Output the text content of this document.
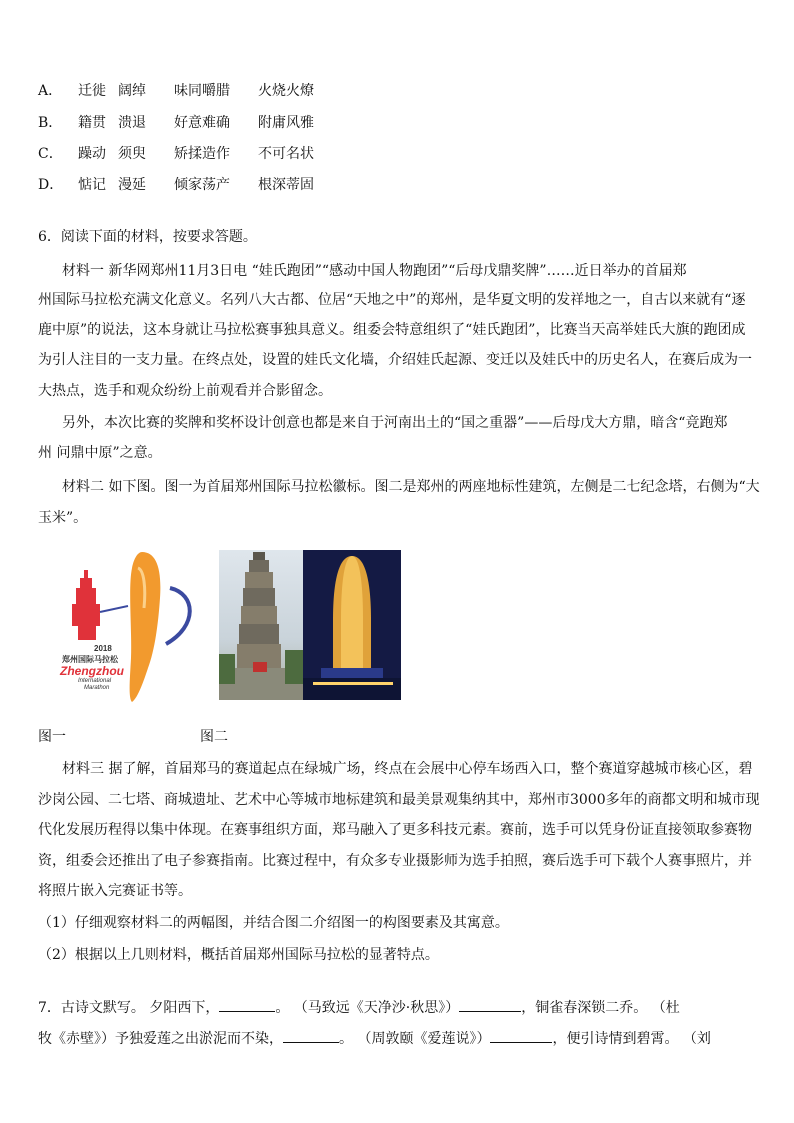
A． 迁徙 阔绰 味同嚼腊 火烧火燎
B． 籍贯 溃退 好意难确 附庸风雅
C． 躁动 须臾 矫揉造作 不可名状
D． 惦记 漫延 倾家荡产 根深蒂固
6．阅读下面的材料，按要求答题。
材料一 新华网郑州11月3日电 “娃氏跑团”“感动中国人物跑团”“后母戊鼎奖牌”……近日举办的首届郑
州国际马拉松充满文化意义。名列八大古都、位居“天地之中”的郑州，是华夏文明的发祥地之一，自古以来就有“逐
鹿中原”的说法，这本身就让马拉松赛事独具意义。组委会特意组织了“娃氏跑团”，比赛当天高举娃氏大旗的跑团成
为引人注目的一支力量。在终点处，设置的娃氏文化墙，介绍娃氏起源、变迁以及娃氏中的历史名人，在赛后成为一
大热点，选手和观众纷纷上前观看并合影留念。
另外，本次比赛的奖牌和奖杯设计创意也都是来自于河南出土的“国之重器”——后母戊大方鼎，暗含“竞跑郑
州 问鼎中原”之意。
材料二 如下图。图一为首届郑州国际马拉松徽标。图二是郑州的两座地标性建筑，左侧是二七纪念塔，右侧为“大
玉米”。
2018
郑州国际马拉松
Zhengzhou
International
Marathon
图一	图二
材料三 据了解，首届郑马的赛道起点在绿城广场，终点在会展中心停车场西入口，整个赛道穿越城市核心区，碧
沙岗公园、二七塔、商城遗址、艺术中心等城市地标建筑和最美景观集纳其中，郑州市3000多年的商都文明和城市现
代化发展历程得以集中体现。在赛事组织方面，郑马融入了更多科技元素。赛前，选手可以凭身份证直接领取参赛物
资，组委会还推出了电子参赛指南。比赛过程中，有众多专业摄影师为选手拍照，赛后选手可下载个人赛事照片，并
将照片嵌入完赛证书等。
（1）仔细观察材料二的两幅图，并结合图二介绍图一的构图要素及其寓意。
（2）根据以上几则材料，概括首届郑州国际马拉松的显著特点。
7．古诗文默写。 夕阳西下，	。 （马致远《天净沙·秋思》）	，铜雀春深锁二乔。 （杜
牧《赤壁》）予独爱莲之出淤泥而不染，	。 （周敦颐《爱莲说》）	，便引诗情到碧霄。 （刘
